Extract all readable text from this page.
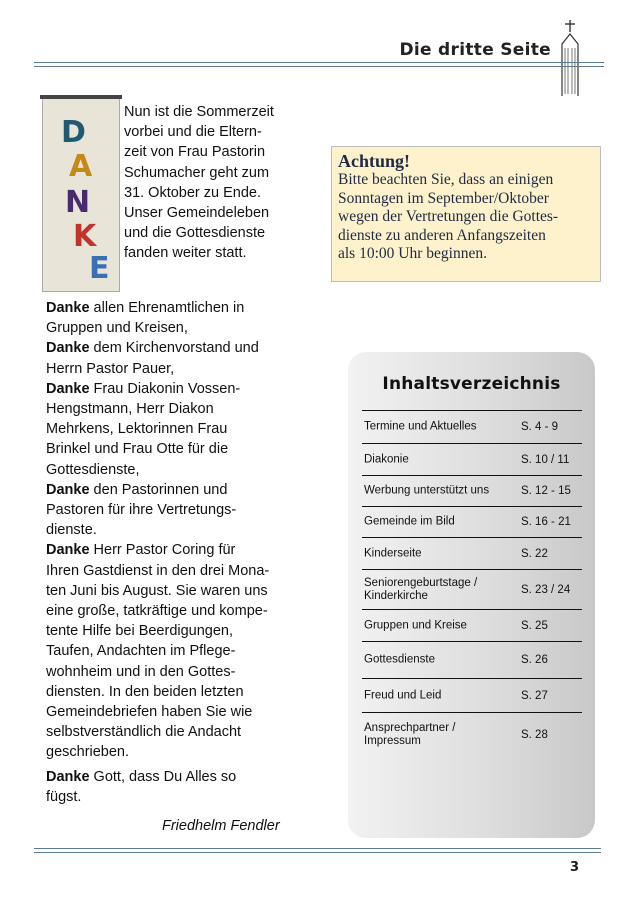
Die dritte Seite
D
A
N
K
E
Nun ist die Sommerzeit
vorbei und die Eltern-
zeit von Frau Pastorin
Schumacher geht zum
31. Oktober zu Ende.
Unser Gemeindeleben
und die Gottesdienste
fanden weiter statt.

Danke allen Ehrenamtlichen in
Gruppen und Kreisen,

Danke dem Kirchenvorstand und
Herrn Pastor Pauer,

Danke Frau Diakonin Vossen-
Hengstmann, Herr Diakon
Mehrkens, Lektorinnen Frau
Brinkel und Frau Otte für die
Gottesdienste,

Danke den Pastorinnen und
Pastoren für ihre Vertretungs-
dienste.

Danke Herr Pastor Coring für
Ihren Gastdienst in den drei Mona-
ten Juni bis August. Sie waren uns
eine große, tatkräftige und kompe-
tente Hilfe bei Beerdigungen,
Taufen, Andachten im Pflege-
wohnheim und in den Gottes-
diensten. In den beiden letzten
Gemeindebriefen haben Sie wie
selbstverständlich die Andacht
geschrieben.

Danke Gott, dass Du Alles so
fügst.

Friedhelm Fendler
Achtung!
Bitte beachten Sie, dass an einigen
Sonntagen im September/Oktober
wegen der Vertretungen die Gottes-
dienste zu anderen Anfangszeiten
als 10:00 Uhr beginnen.
Inhaltsverzeichnis
Termine und Aktuelles	S. 4 - 9
Diakonie	S. 10 / 11
Werbung unterstützt uns	S. 12 - 15
Gemeinde im Bild	S. 16 - 21
Kinderseite	S. 22
Seniorengeburtstage / Kinderkirche	S. 23 / 24
Gruppen und Kreise	S. 25
Gottesdienste	S. 26
Freud und Leid	S. 27
Ansprechpartner / Impressum	S. 28
3
